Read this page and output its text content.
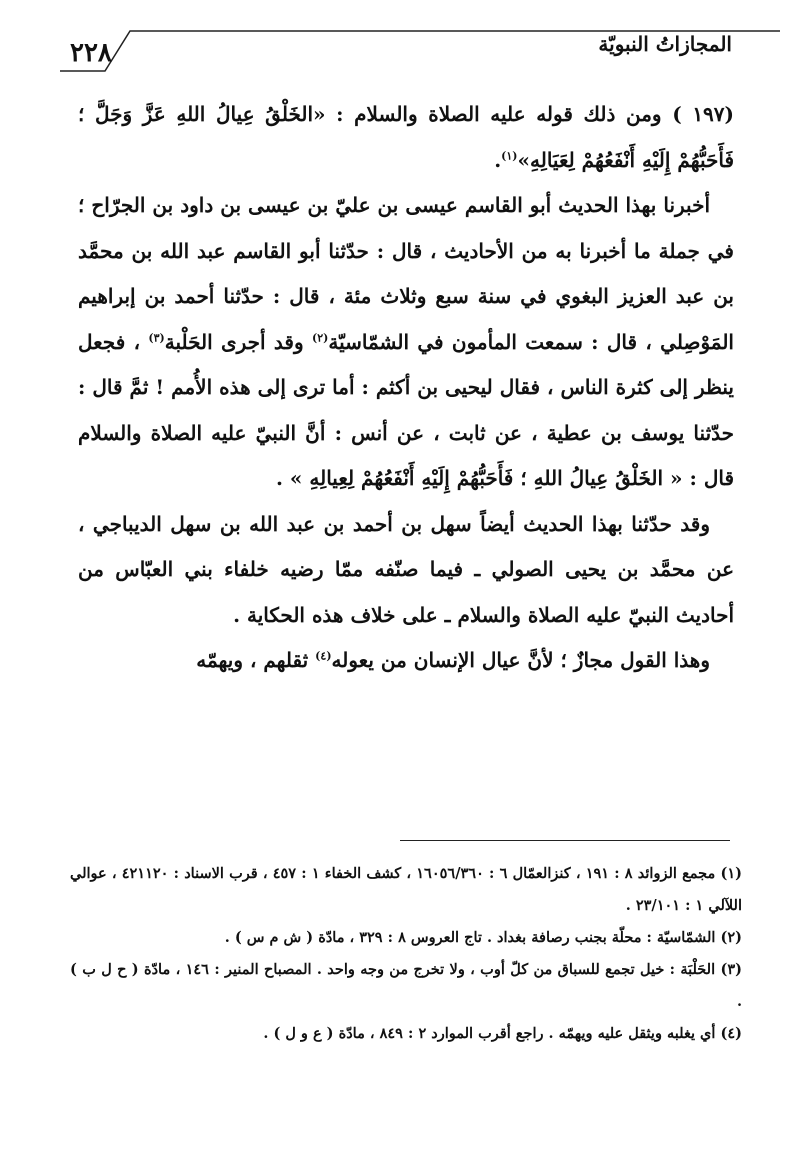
المجازاتُ النبويّة
٢٢٨

(١٩٧ ) ومن ذلك قوله عليه الصلاة والسلام : «الخَلْقُ عِيالُ اللهِ عَزَّ وَجَلَّ ؛ فَأَحَبُّهُمْ إِلَيْهِ أَنْفَعُهُمْ لِعَيَالِهِ»$^{(١)}$.

أخبرنا بهذا الحديث أبو القاسم عيسى بن عليّ بن عيسى بن داود بن الجرّاح ؛ في جملة ما أخبرنا به من الأحاديث ، قال : حدّثنا أبو القاسم عبد الله بن محمَّد بن عبد العزيز البغوي في سنة سبع وثلاث مئة ، قال : حدّثنا أحمد بن إبراهيم المَوْصِلي ، قال : سمعت المأمون في الشمّاسيّة$^{(٢)}$ وقد أجرى الحَلْبة$^{(٣)}$ ، فجعل ينظر إلى كثرة الناس ، فقال ليحيى بن أكثم : أما ترى إلى هذه الأُمم ! ثمَّ قال : حدّثنا يوسف بن عطية ، عن ثابت ، عن أنس : أنَّ النبيّ عليه الصلاة والسلام قال : « الخَلْقُ عِيالُ اللهِ ؛ فَأَحَبُّهُمْ إِلَيْهِ أَنْفَعُهُمْ لِعِيالِهِ » .

وقد حدّثنا بهذا الحديث أيضاً سهل بن أحمد بن عبد الله بن سهل الديباجي ، عن محمَّد بن يحيى الصولي ـ فيما صنّفه ممّا رضيه خلفاء بني العبّاس من أحاديث النبيّ عليه الصلاة والسلام ـ على خلاف هذه الحكاية .

وهذا القول مجازٌ ؛ لأنَّ عيال الإنسان من يعوله$^{(٤)}$ ثقلهم ، ويهمّه

(١) مجمع الزوائد ٨ : ١٩١ ، كنزالعمّال ٦ : ١٦٠٥٦/٣٦٠ ، كشف الخفاء ١ : ٤٥٧ ، قرب الاسناد : ٤٢١١٢٠ ، عوالي اللآلي ١ : ٢٣/١٠١ .

(٢) الشمّاسيّة : محلّة بجنب رصافة بغداد . تاج العروس ٨ : ٣٢٩ ، مادّة ( ش م س ) .

(٣) الحَلْبَة : خيل تجمع للسباق من كلّ أوب ، ولا تخرج من وجه واحد . المصباح المنير : ١٤٦ ، مادّة ( ح ل ب ) .

(٤) أي يغلبه ويثقل عليه ويهمّه . راجع أقرب الموارد ٢ : ٨٤٩ ، مادّة ( ع و ل ) .
